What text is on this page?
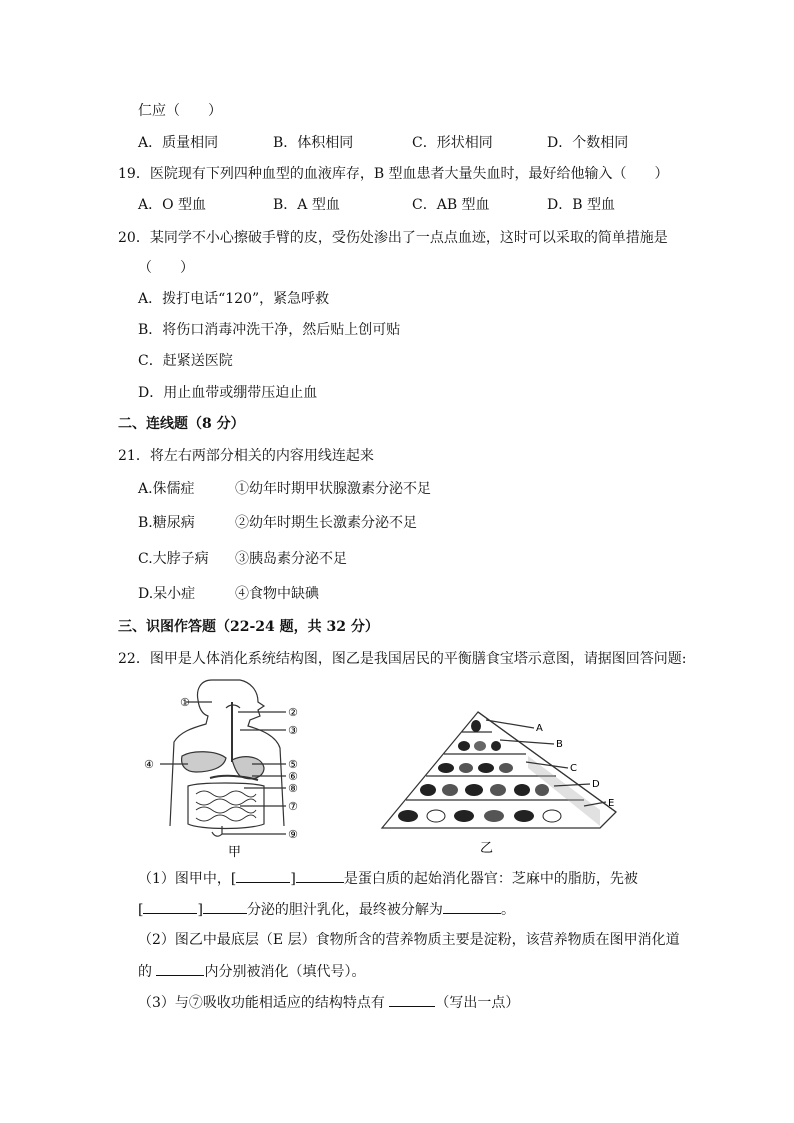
仁应（　　）
A．质量相同	B．体积相同	C．形状相同	D．个数相同
19．医院现有下列四种血型的血液库存，B 型血患者大量失血时，最好给他输入（　　）
A．O 型血	B．A 型血	C．AB 型血	D．B 型血
20．某同学不小心擦破手臂的皮，受伤处渗出了一点点血迹，这时可以采取的简单措施是
（　　）
A．拨打电话“120”，紧急呼救
B．将伤口消毒冲洗干净，然后贴上创可贴
C．赶紧送医院
D．用止血带或绷带压迫止血
二、连线题（8 分）
21．将左右两部分相关的内容用线连起来
A.侏儒症	①幼年时期甲状腺激素分泌不足
B.糖尿病	②幼年时期生长激素分泌不足
C.大脖子病 ③胰岛素分泌不足
D.呆小症	④食物中缺碘
三、识图作答题（22-24 题，共 32 分）
22．图甲是人体消化系统结构图，图乙是我国居民的平衡膳食宝塔示意图，请据图回答问题:
①
②
③
④	⑤
⑥
⑧
⑦
⑨
甲
A
B
C
D
E
乙
（1）图甲中，[	]	是蛋白质的起始消化器官：芝麻中的脂肪，先被
[	]	分泌的胆汁乳化，最终被分解为	。
（2）图乙中最底层（E 层）食物所含的营养物质主要是淀粉，该营养物质在图甲消化道
的	内分别被消化（填代号）。
（3）与⑦吸收功能相适应的结构特点有	（写出一点）
